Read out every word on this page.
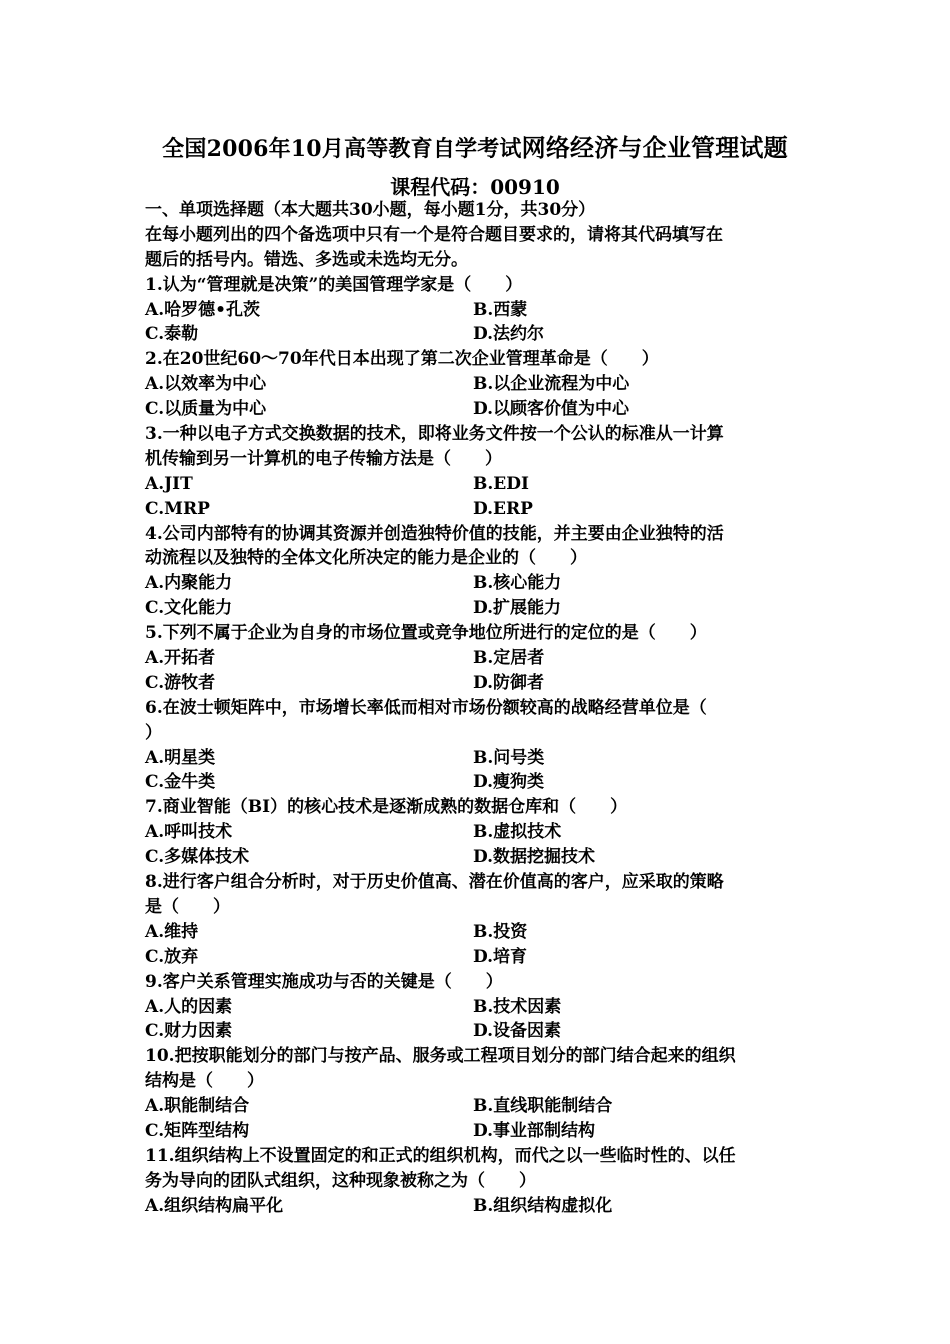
全国2006年10月高等教育自学考试网络经济与企业管理试题
课程代码：00910
一、单项选择题（本大题共30小题，每小题1分，共30分）
在每小题列出的四个备选项中只有一个是符合题目要求的，请将其代码填写在
题后的括号内。错选、多选或未选均无分。
1.认为“管理就是决策”的美国管理学家是（　　）
A.哈罗德•孔茨	B.西蒙
C.泰勒	D.法约尔
2.在20世纪60～70年代日本出现了第二次企业管理革命是（　　）
A.以效率为中心	B.以企业流程为中心
C.以质量为中心	D.以顾客价值为中心
3.一种以电子方式交换数据的技术，即将业务文件按一个公认的标准从一计算
机传输到另一计算机的电子传输方法是（　　）
A.JIT	B.EDI
C.MRP	D.ERP
4.公司内部特有的协调其资源并创造独特价值的技能，并主要由企业独特的活
动流程以及独特的全体文化所决定的能力是企业的（　　）
A.内聚能力	B.核心能力
C.文化能力	D.扩展能力
5.下列不属于企业为自身的市场位置或竞争地位所进行的定位的是（　　）
A.开拓者	B.定居者
C.游牧者	D.防御者
6.在波士顿矩阵中，市场增长率低而相对市场份额较高的战略经营单位是（
）
A.明星类	B.问号类
C.金牛类	D.瘦狗类
7.商业智能（BI）的核心技术是逐渐成熟的数据仓库和（　　）
A.呼叫技术	B.虚拟技术
C.多媒体技术	D.数据挖掘技术
8.进行客户组合分析时，对于历史价值高、潜在价值高的客户，应采取的策略
是（　　）
A.维持	B.投资
C.放弃	D.培育
9.客户关系管理实施成功与否的关键是（　　）
A.人的因素	B.技术因素
C.财力因素	D.设备因素
10.把按职能划分的部门与按产品、服务或工程项目划分的部门结合起来的组织
结构是（　　）
A.职能制结合	B.直线职能制结合
C.矩阵型结构	D.事业部制结构
11.组织结构上不设置固定的和正式的组织机构，而代之以一些临时性的、以任
务为导向的团队式组织，这种现象被称之为（　　）
A.组织结构扁平化	B.组织结构虚拟化
